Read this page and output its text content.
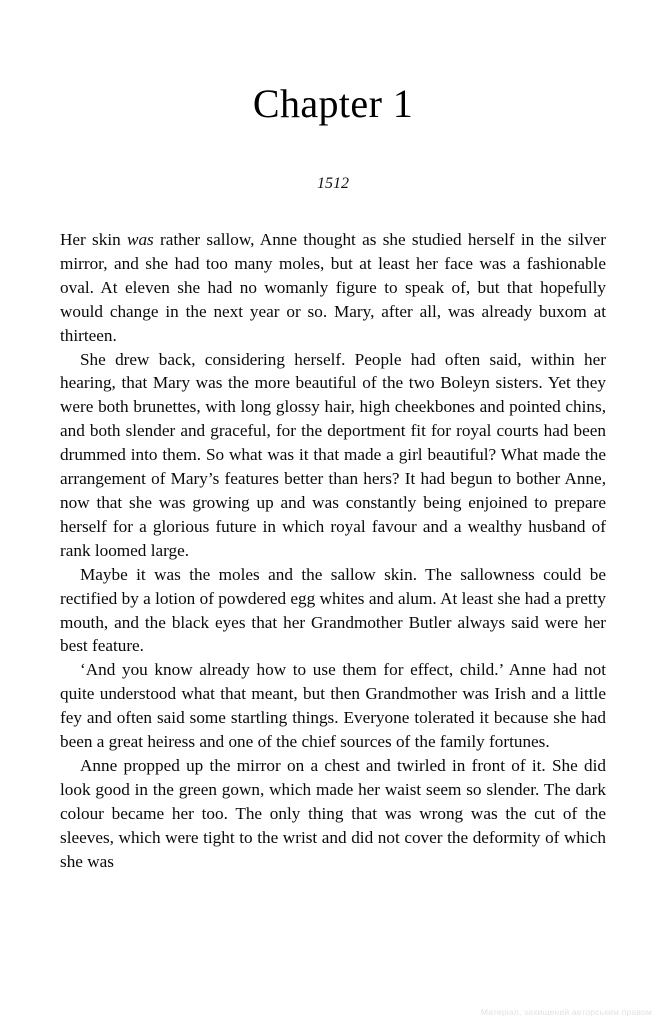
Chapter 1
1512

Her skin was rather sallow, Anne thought as she studied herself in the silver mirror, and she had too many moles, but at least her face was a fashionable oval. At eleven she had no womanly figure to speak of, but that hopefully would change in the next year or so. Mary, after all, was already buxom at thirteen.

She drew back, considering herself. People had often said, within her hearing, that Mary was the more beautiful of the two Boleyn sisters. Yet they were both brunettes, with long glossy hair, high cheekbones and pointed chins, and both slender and graceful, for the deportment fit for royal courts had been drummed into them. So what was it that made a girl beautiful? What made the arrangement of Mary’s features better than hers? It had begun to bother Anne, now that she was growing up and was constantly being enjoined to prepare herself for a glorious future in which royal favour and a wealthy husband of rank loomed large.

Maybe it was the moles and the sallow skin. The sallowness could be rectified by a lotion of powdered egg whites and alum. At least she had a pretty mouth, and the black eyes that her Grandmother Butler always said were her best feature.

‘And you know already how to use them for effect, child.’ Anne had not quite understood what that meant, but then Grandmother was Irish and a little fey and often said some startling things. Everyone tolerated it because she had been a great heiress and one of the chief sources of the family fortunes.

Anne propped up the mirror on a chest and twirled in front of it. She did look good in the green gown, which made her waist seem so slender. The dark colour became her too. The only thing that was wrong was the cut of the sleeves, which were tight to the wrist and did not cover the deformity of which she was

Матеріал, захищений авторським правом
